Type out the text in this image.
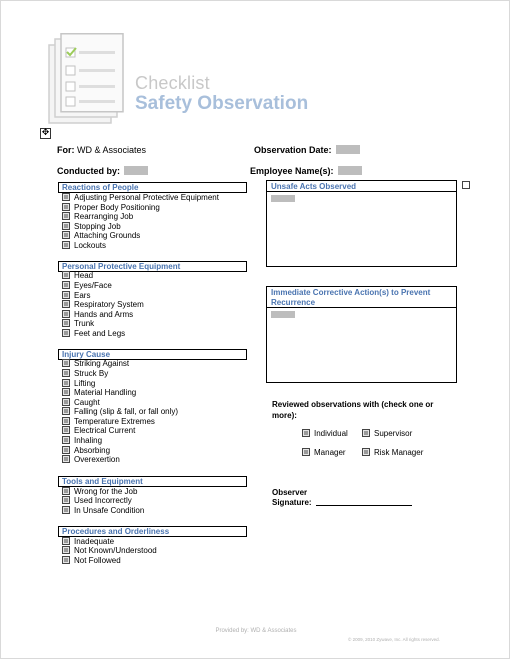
Checklist
Safety Observation
✥
For: WD & Associates	Observation Date:
Conducted by:	Employee Name(s):
Reactions of People
Adjusting Personal Protective Equipment
Proper Body Positioning
Rearranging Job
Stopping Job
Attaching Grounds
Lockouts
Personal Protective Equipment
Head
Eyes/Face
Ears
Respiratory System
Hands and Arms
Trunk
Feet and Legs
Injury Cause
Striking Against
Struck By
Lifting
Material Handling
Caught
Falling (slip & fall, or fall only)
Temperature Extremes
Electrical Current
Inhaling
Absorbing
Overexertion
Tools and Equipment
Wrong for the Job
Used Incorrectly
In Unsafe Condition
Procedures and Orderliness
Inadequate
Not Known/Understood
Not Followed
Unsafe Acts Observed
Immediate Corrective Action(s) to Prevent Recurrence
Reviewed observations with (check one or more):
Individual	Supervisor
Manager	Risk Manager
Observer
Signature:
Provided by: WD & Associates
© 2009, 2010 Zywave, Inc. All rights reserved.
